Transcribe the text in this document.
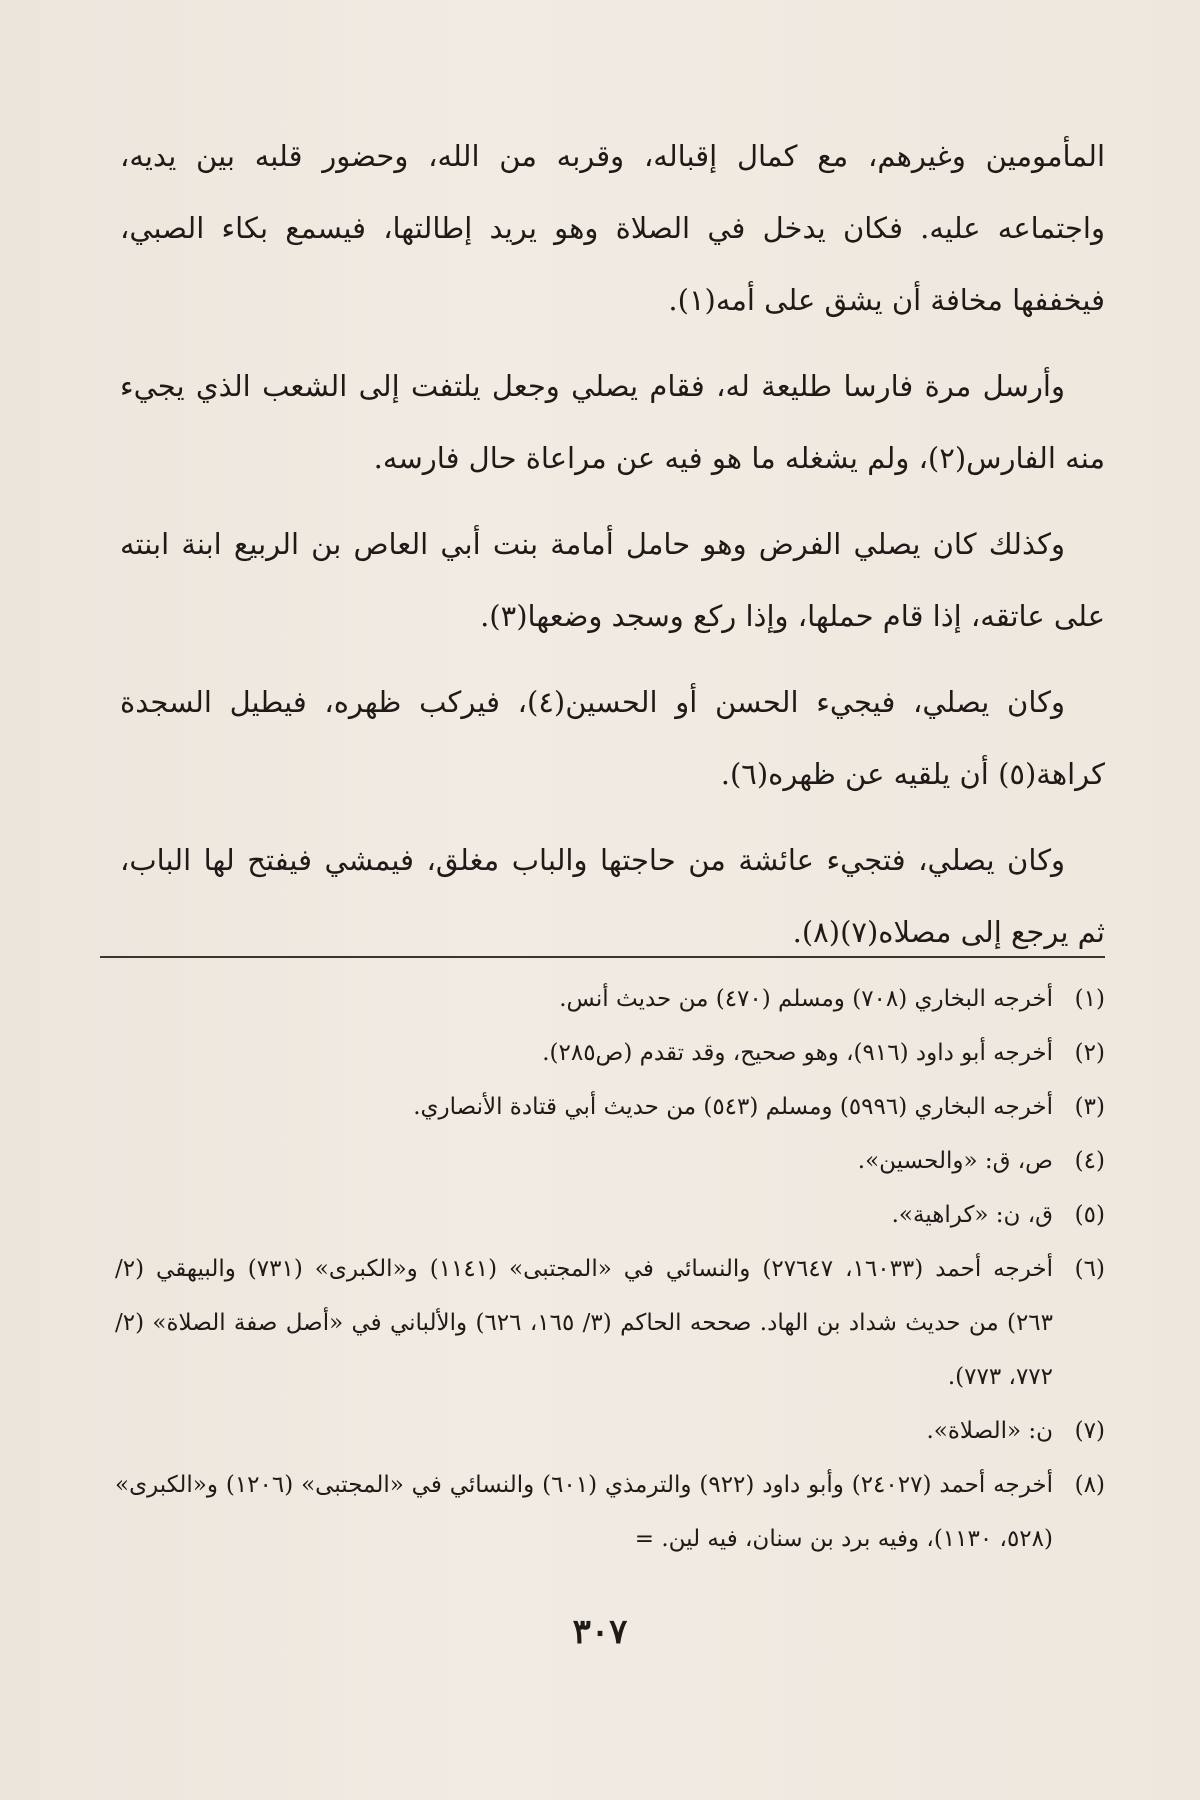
المأمومين وغيرهم، مع كمال إقباله، وقربه من الله، وحضور قلبه بين يديه، واجتماعه عليه. فكان يدخل في الصلاة وهو يريد إطالتها، فيسمع بكاء الصبي، فيخففها مخافة أن يشق على أمه(١).

وأرسل مرة فارسا طليعة له، فقام يصلي وجعل يلتفت إلى الشعب الذي يجيء منه الفارس(٢)، ولم يشغله ما هو فيه عن مراعاة حال فارسه.

وكذلك كان يصلي الفرض وهو حامل أمامة بنت أبي العاص بن الربيع ابنة ابنته على عاتقه، إذا قام حملها، وإذا ركع وسجد وضعها(٣).

وكان يصلي، فيجيء الحسن أو الحسين(٤)، فيركب ظهره، فيطيل السجدة كراهة(٥) أن يلقيه عن ظهره(٦).

وكان يصلي، فتجيء عائشة من حاجتها والباب مغلق، فيمشي فيفتح لها الباب، ثم يرجع إلى مصلاه(٧)(٨).

(١)
أخرجه البخاري (٧٠٨) ومسلم (٤٧٠) من حديث أنس.

(٢)
أخرجه أبو داود (٩١٦)، وهو صحيح، وقد تقدم (ص٢٨٥).

(٣)
أخرجه البخاري (٥٩٩٦) ومسلم (٥٤٣) من حديث أبي قتادة الأنصاري.

(٤)
ص، ق: «والحسين».

(٥)
ق، ن: «كراهية».

(٦)
أخرجه أحمد (١٦٠٣٣، ٢٧٦٤٧) والنسائي في «المجتبى» (١١٤١) و«الكبرى» (٧٣١) والبيهقي (٢/ ٢٦٣) من حديث شداد بن الهاد. صححه الحاكم (٣/ ١٦٥، ٦٢٦) والألباني في «أصل صفة الصلاة» (٢/ ٧٧٢، ٧٧٣).

(٧)
ن: «الصلاة».

(٨)
أخرجه أحمد (٢٤٠٢٧) وأبو داود (٩٢٢) والترمذي (٦٠١) والنسائي في «المجتبى» (١٢٠٦) و«الكبرى» (٥٢٨، ١١٣٠)، وفيه برد بن سنان، فيه لين. =

٣٠٧
